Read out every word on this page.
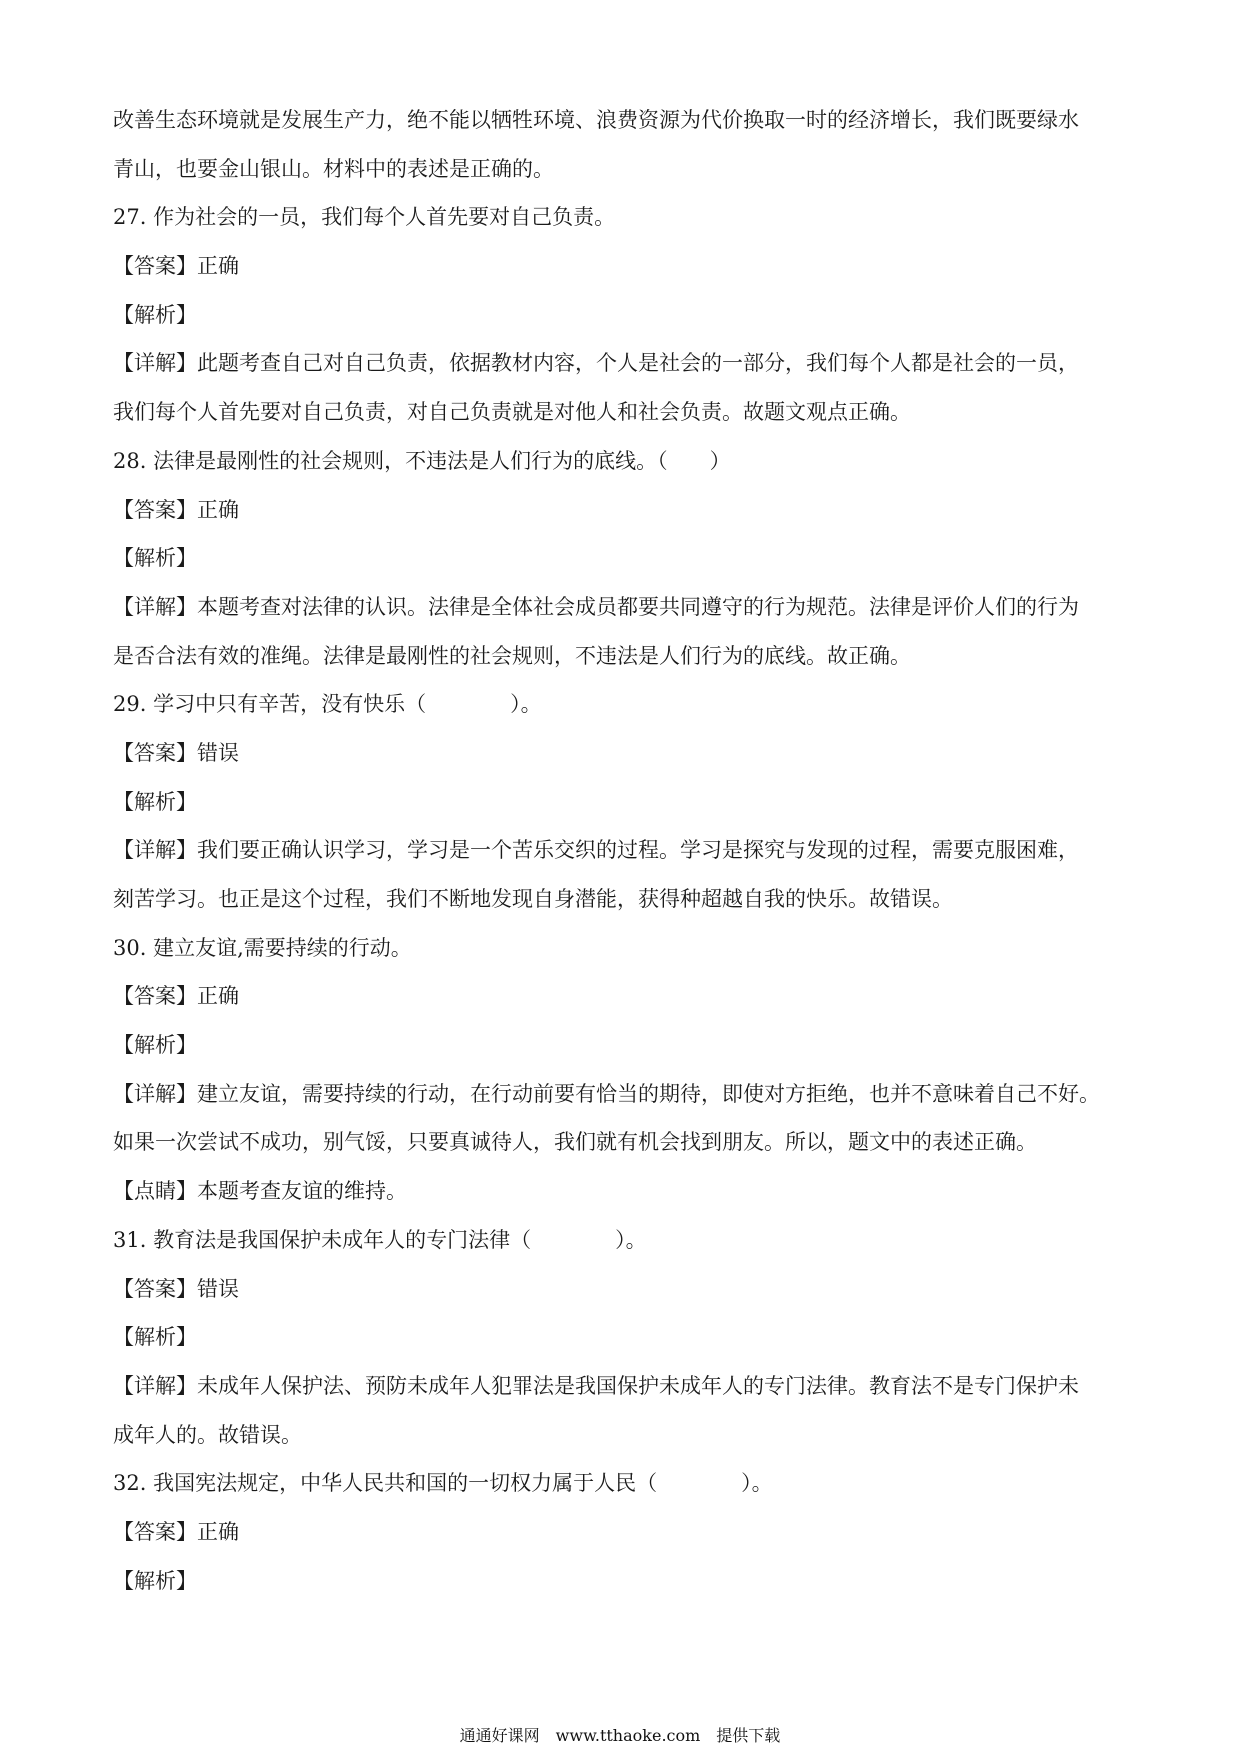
改善生态环境就是发展生产力，绝不能以牺牲环境、浪费资源为代价换取一时的经济增长，我们既要绿水
青山，也要金山银山。材料中的表述是正确的。
27. 作为社会的一员，我们每个人首先要对自己负责。
【答案】正确
【解析】
【详解】此题考查自己对自己负责，依据教材内容，个人是社会的一部分，我们每个人都是社会的一员，
我们每个人首先要对自己负责，对自己负责就是对他人和社会负责。故题文观点正确。
28. 法律是最刚性的社会规则，不违法是人们行为的底线。（　　）
【答案】正确
【解析】
【详解】本题考查对法律的认识。法律是全体社会成员都要共同遵守的行为规范。法律是评价人们的行为
是否合法有效的准绳。法律是最刚性的社会规则，不违法是人们行为的底线。故正确。
29. 学习中只有辛苦，没有快乐（　　　　）。
【答案】错误
【解析】
【详解】我们要正确认识学习，学习是一个苦乐交织的过程。学习是探究与发现的过程，需要克服困难，
刻苦学习。也正是这个过程，我们不断地发现自身潜能，获得种超越自我的快乐。故错误。
30. 建立友谊,需要持续的行动。
【答案】正确
【解析】
【详解】建立友谊，需要持续的行动，在行动前要有恰当的期待，即使对方拒绝，也并不意味着自己不好。
如果一次尝试不成功，别气馁，只要真诚待人，我们就有机会找到朋友。所以，题文中的表述正确。
【点睛】本题考查友谊的维持。
31. 教育法是我国保护未成年人的专门法律（　　　　）。
【答案】错误
【解析】
【详解】未成年人保护法、预防未成年人犯罪法是我国保护未成年人的专门法律。教育法不是专门保护未
成年人的。故错误。
32. 我国宪法规定，中华人民共和国的一切权力属于人民（　　　　）。
【答案】正确
【解析】
通通好课网　www.tthaoke.com　提供下载
